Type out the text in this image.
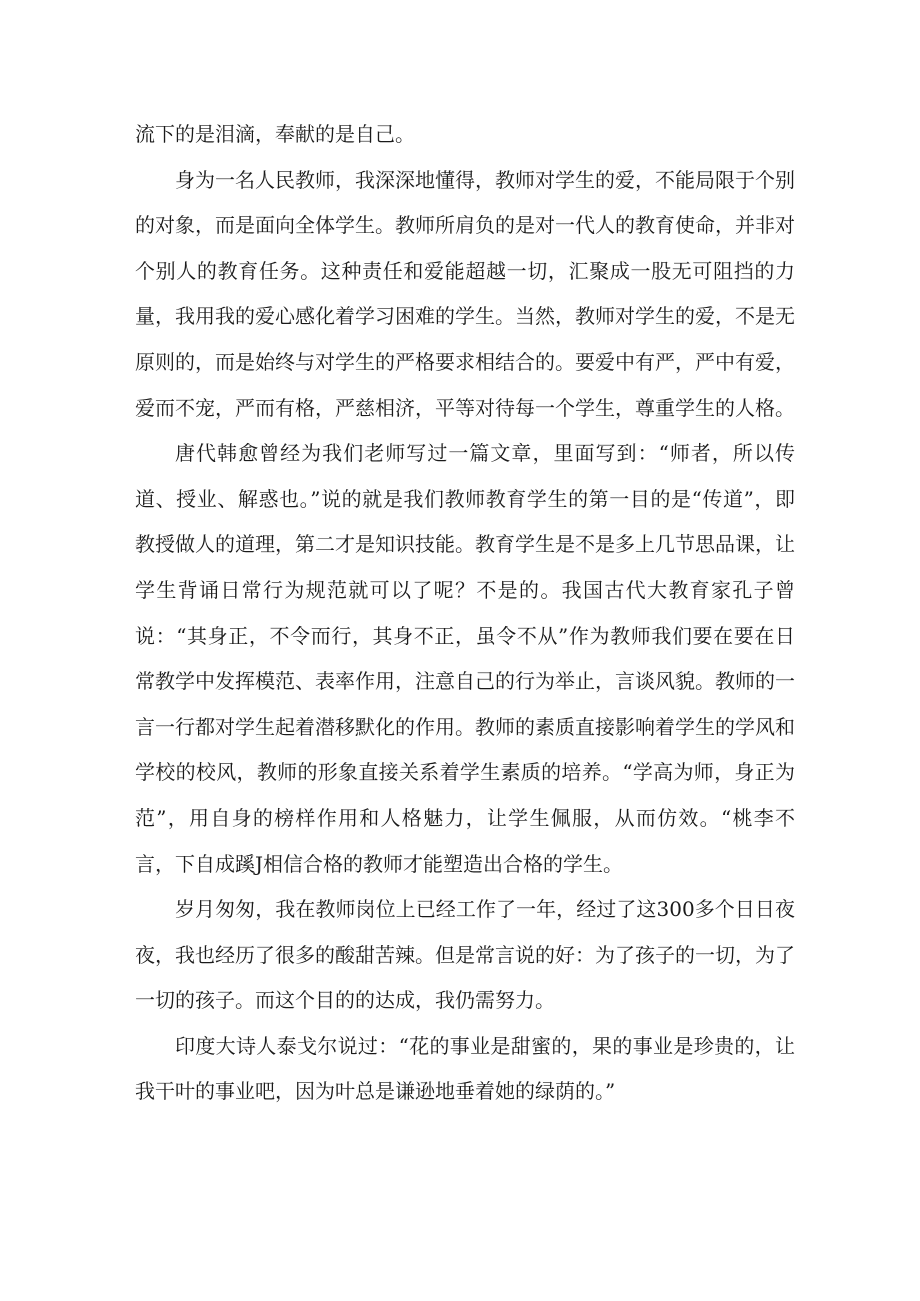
流下的是泪滴，奉献的是自己。

身为一名人民教师，我深深地懂得，教师对学生的爱，不能局限于个别的对象，而是面向全体学生。教师所肩负的是对一代人的教育使命，并非对个别人的教育任务。这种责任和爱能超越一切，汇聚成一股无可阻挡的力量，我用我的爱心感化着学习困难的学生。当然，教师对学生的爱，不是无原则的，而是始终与对学生的严格要求相结合的。要爱中有严，严中有爱，爱而不宠，严而有格，严慈相济，平等对待每一个学生，尊重学生的人格。

唐代韩愈曾经为我们老师写过一篇文章，里面写到：“师者，所以传道、授业、解惑也。”说的就是我们教师教育学生的第一目的是“传道”，即教授做人的道理，第二才是知识技能。教育学生是不是多上几节思品课，让学生背诵日常行为规范就可以了呢？不是的。我国古代大教育家孔子曾说：“其身正，不令而行，其身不正，虽令不从”作为教师我们要在要在日常教学中发挥模范、表率作用，注意自己的行为举止，言谈风貌。教师的一言一行都对学生起着潜移默化的作用。教师的素质直接影响着学生的学风和学校的校风，教师的形象直接关系着学生素质的培养。“学高为师，身正为范”，用自身的榜样作用和人格魅力，让学生佩服，从而仿效。“桃李不言，下自成蹊J相信合格的教师才能塑造出合格的学生。

岁月匆匆，我在教师岗位上已经工作了一年，经过了这300多个日日夜夜，我也经历了很多的酸甜苦辣。但是常言说的好：为了孩子的一切，为了一切的孩子。而这个目的的达成，我仍需努力。

印度大诗人泰戈尔说过：“花的事业是甜蜜的，果的事业是珍贵的，让我干叶的事业吧，因为叶总是谦逊地垂着她的绿荫的。”
